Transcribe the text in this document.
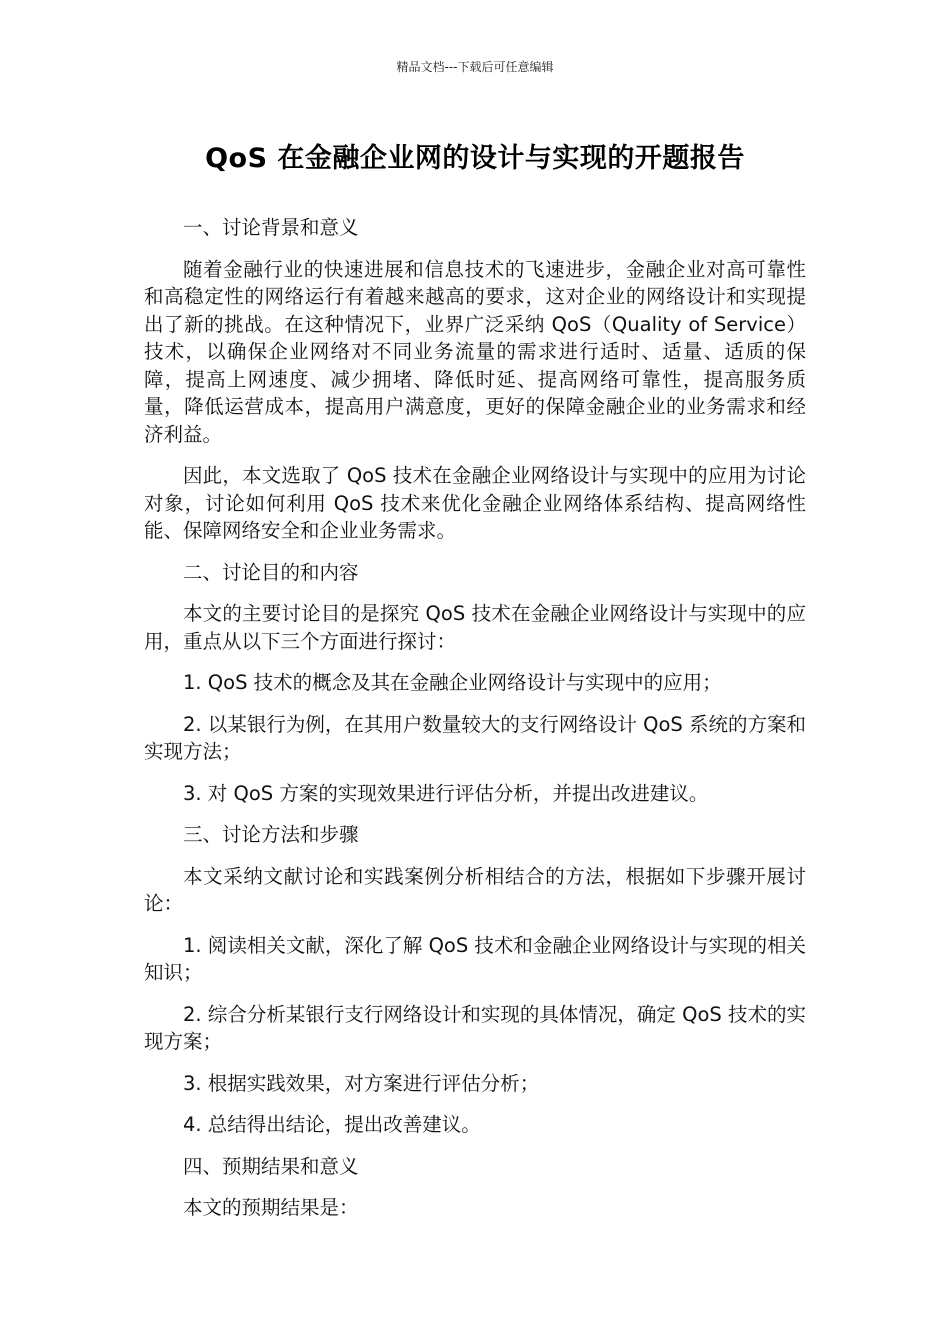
精品文档---下载后可任意编辑
QoS 在金融企业网的设计与实现的开题报告

一、讨论背景和意义

随着金融行业的快速进展和信息技术的飞速进步，金融企业对高可靠性和高稳定性的网络运行有着越来越高的要求，这对企业的网络设计和实现提出了新的挑战。在这种情况下，业界广泛采纳 QoS（Quality of Service）技术，以确保企业网络对不同业务流量的需求进行适时、适量、适质的保障，提高上网速度、减少拥堵、降低时延、提高网络可靠性，提高服务质量，降低运营成本，提高用户满意度，更好的保障金融企业的业务需求和经济利益。

因此，本文选取了 QoS 技术在金融企业网络设计与实现中的应用为讨论对象，讨论如何利用 QoS 技术来优化金融企业网络体系结构、提高网络性能、保障网络安全和企业业务需求。

二、讨论目的和内容

本文的主要讨论目的是探究 QoS 技术在金融企业网络设计与实现中的应用，重点从以下三个方面进行探讨：

1. QoS 技术的概念及其在金融企业网络设计与实现中的应用；

2. 以某银行为例，在其用户数量较大的支行网络设计 QoS 系统的方案和实现方法；

3. 对 QoS 方案的实现效果进行评估分析，并提出改进建议。

三、讨论方法和步骤

本文采纳文献讨论和实践案例分析相结合的方法，根据如下步骤开展讨论：

1. 阅读相关文献，深化了解 QoS 技术和金融企业网络设计与实现的相关知识；

2. 综合分析某银行支行网络设计和实现的具体情况，确定 QoS 技术的实现方案；

3. 根据实践效果，对方案进行评估分析；

4. 总结得出结论，提出改善建议。

四、预期结果和意义

本文的预期结果是：
